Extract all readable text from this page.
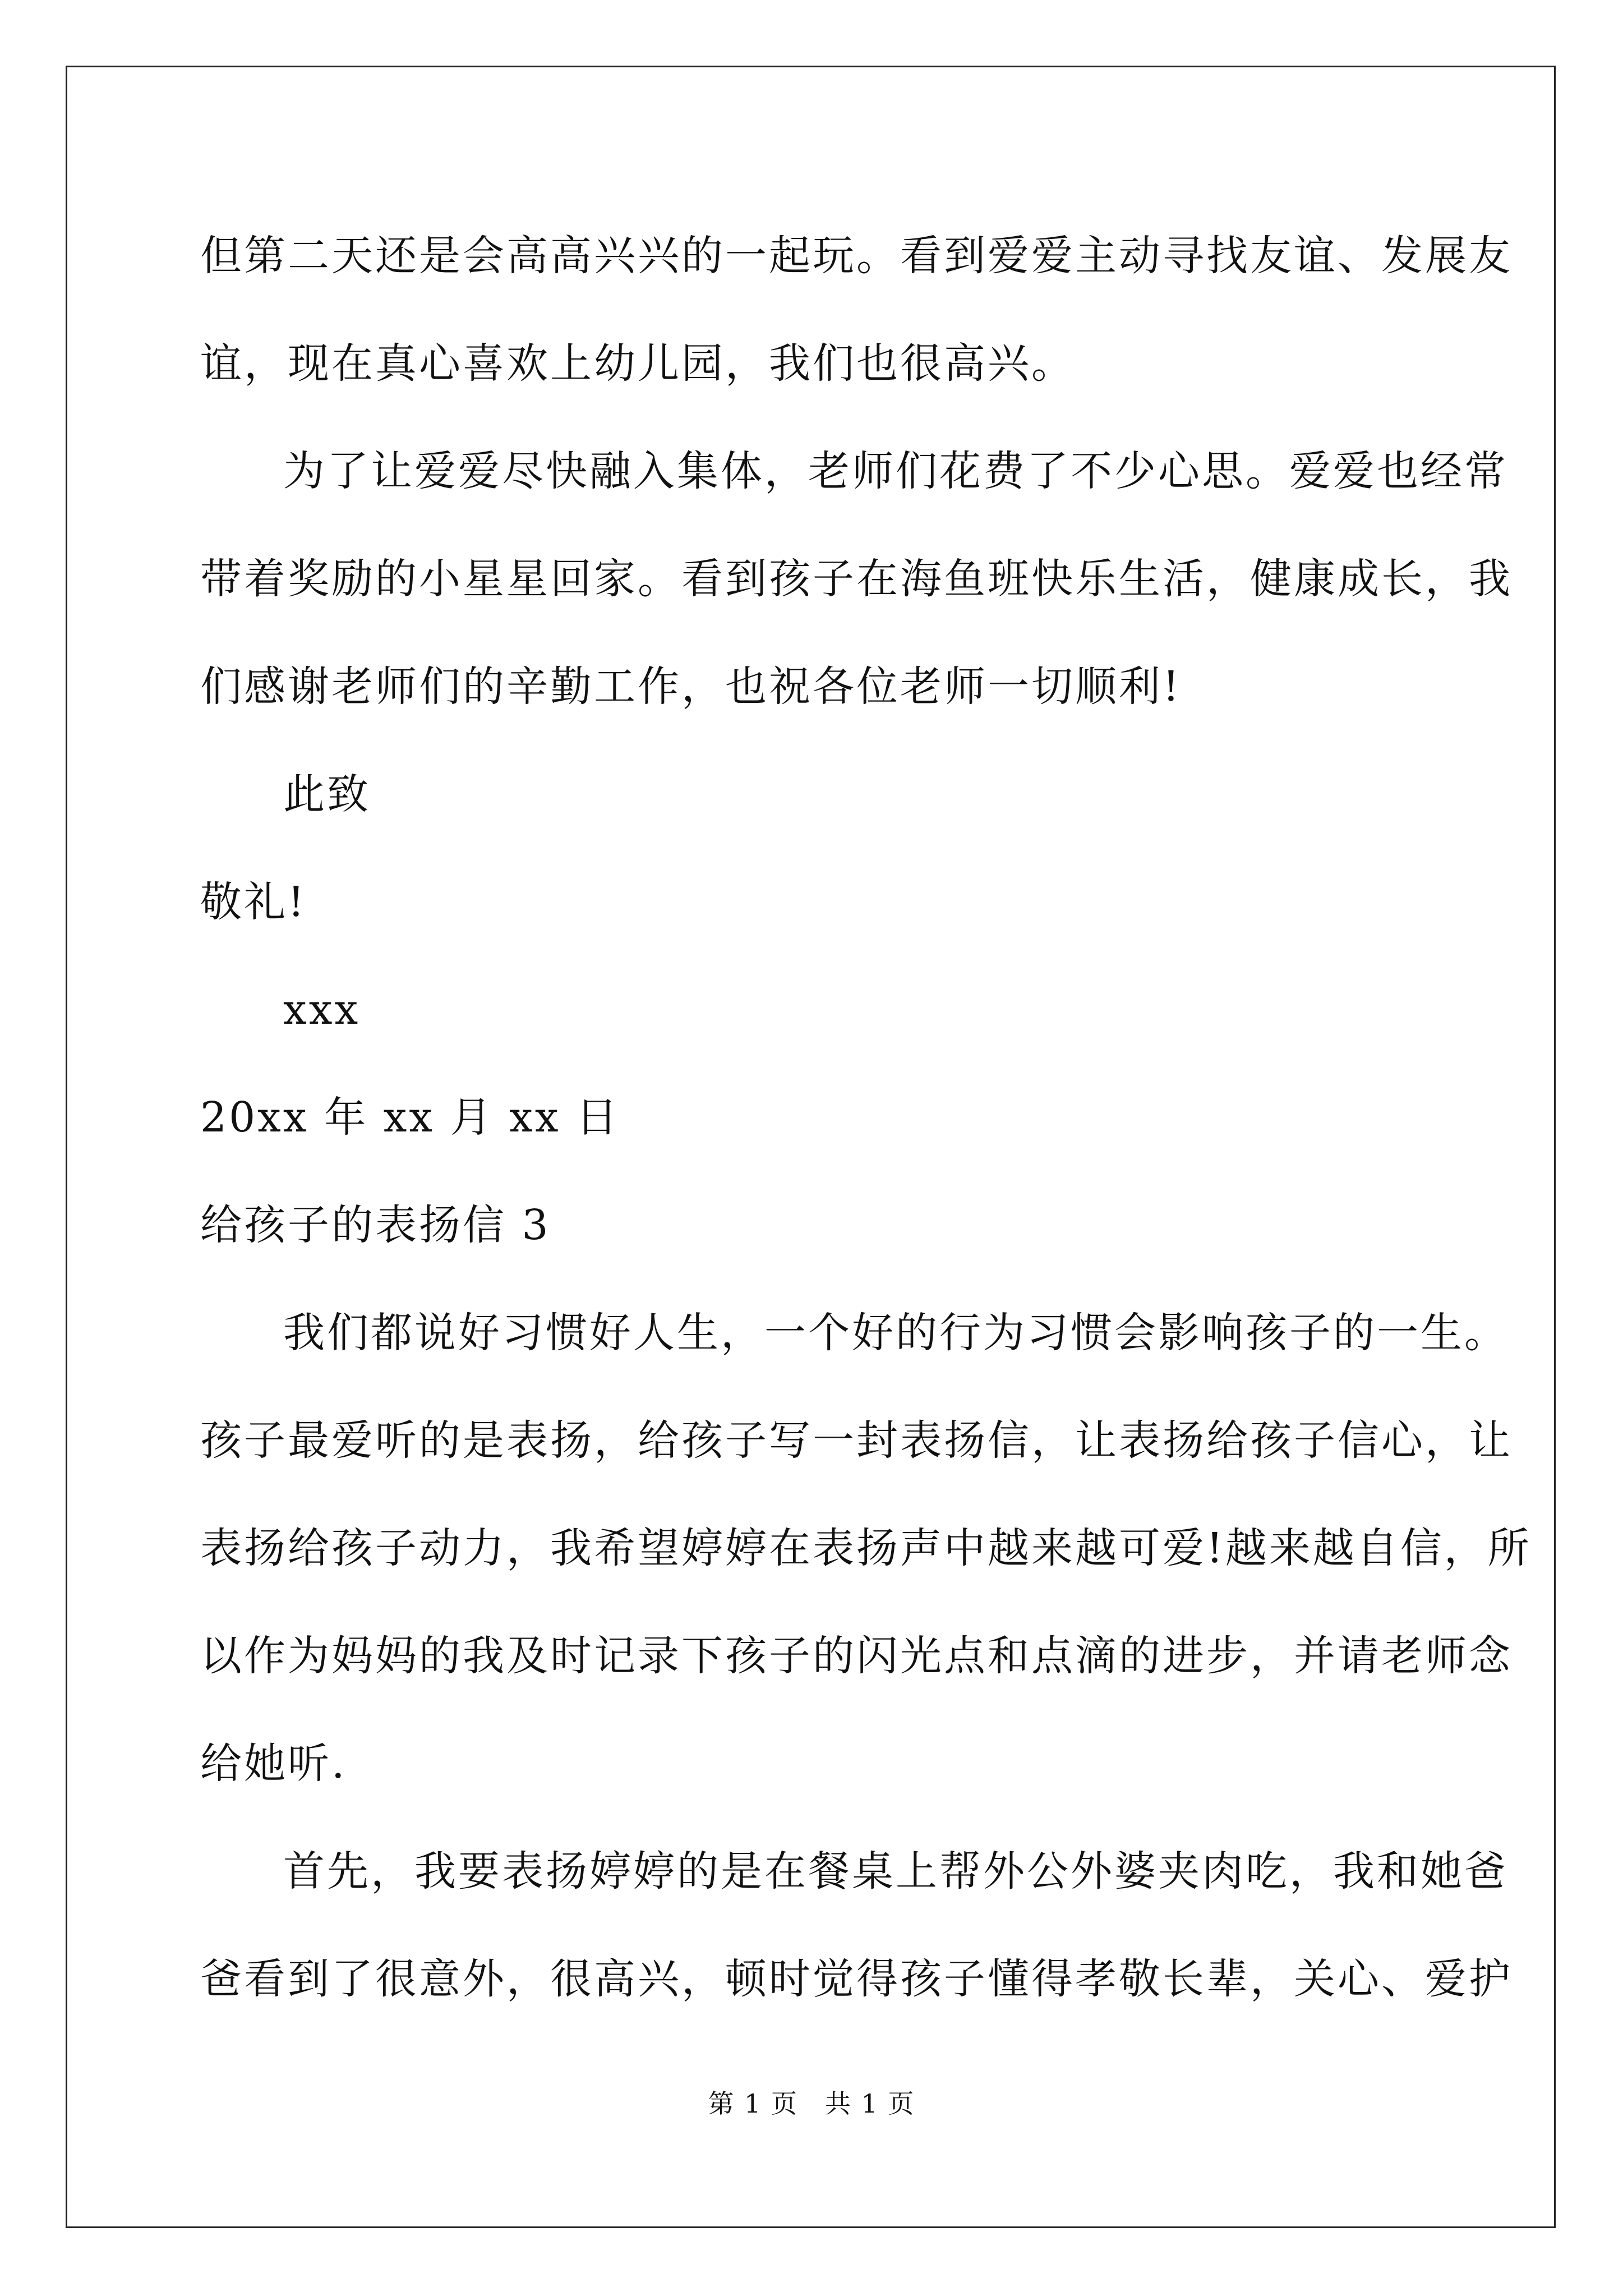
但第二天还是会高高兴兴的一起玩。看到爱爱主动寻找友谊、发展友
谊，现在真心喜欢上幼儿园，我们也很高兴。
为了让爱爱尽快融入集体，老师们花费了不少心思。爱爱也经常
带着奖励的小星星回家。看到孩子在海鱼班快乐生活，健康成长，我
们感谢老师们的辛勤工作，也祝各位老师一切顺利!
此致
敬礼!
xxx
20xx 年 xx 月 xx 日
给孩子的表扬信 3
我们都说好习惯好人生，一个好的行为习惯会影响孩子的一生。
孩子最爱听的是表扬，给孩子写一封表扬信，让表扬给孩子信心，让
表扬给孩子动力，我希望婷婷在表扬声中越来越可爱!越来越自信，所
以作为妈妈的我及时记录下孩子的闪光点和点滴的进步，并请老师念
给她听.
首先，我要表扬婷婷的是在餐桌上帮外公外婆夹肉吃，我和她爸
爸看到了很意外，很高兴，顿时觉得孩子懂得孝敬长辈，关心、爱护
第 1 页　共 1 页
